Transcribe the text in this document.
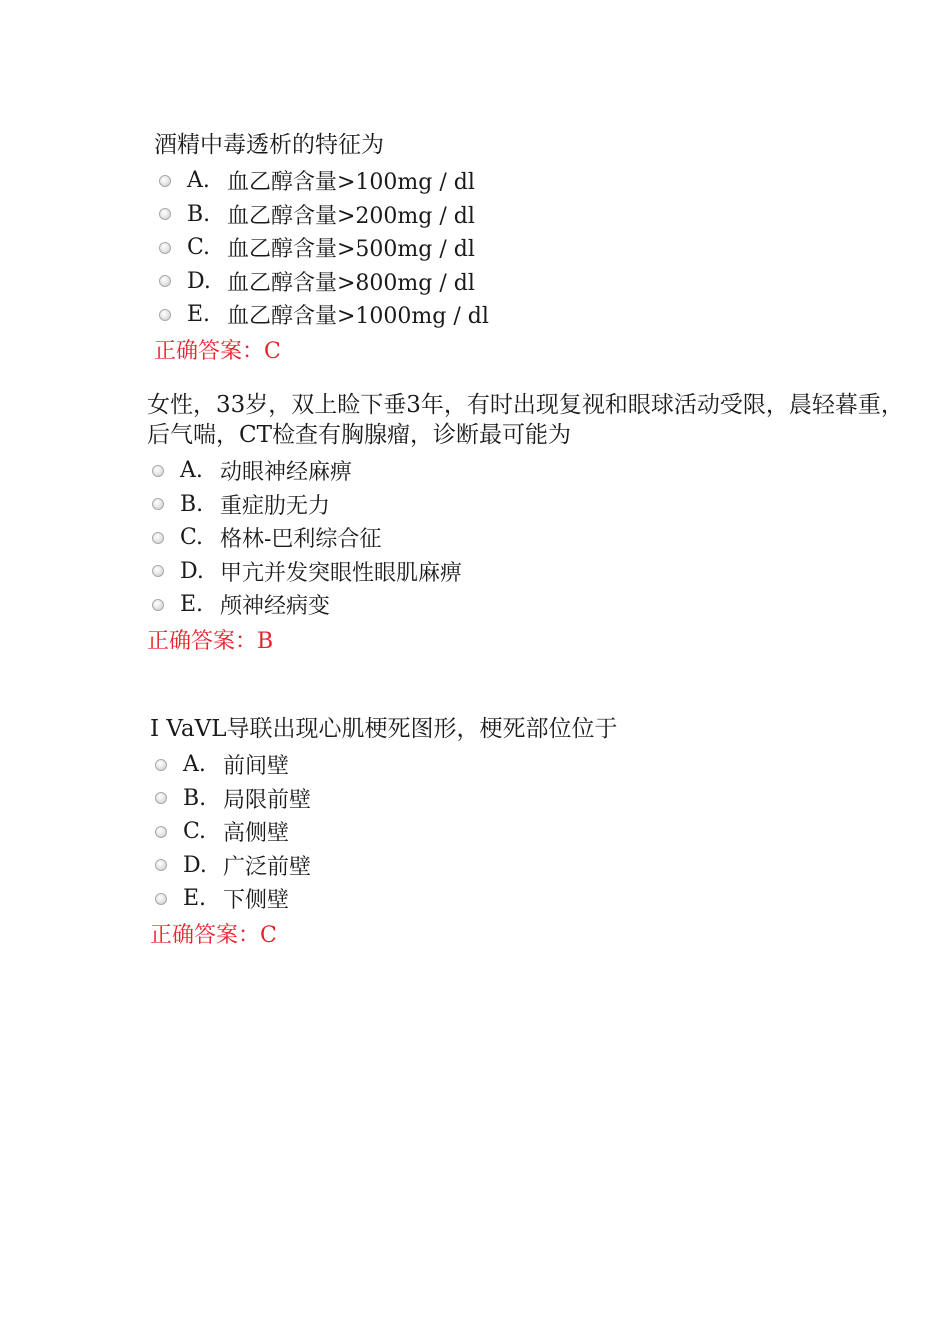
酒精中毒透析的特征为
A. 血乙醇含量>100mg / dl
B. 血乙醇含量>200mg / dl
C. 血乙醇含量>500mg / dl
D. 血乙醇含量>800mg / dl
E. 血乙醇含量>1000mg / dl
正确答案：C
女性，33岁，双上睑下垂3年，有时出现复视和眼球活动受限，晨轻暮重，
后气喘，CT检查有胸腺瘤，诊断最可能为
A. 动眼神经麻痹
B. 重症肋无力
C. 格林-巴利综合征
D. 甲亢并发突眼性眼肌麻痹
E. 颅神经病变
正确答案：B
I VaVL导联出现心肌梗死图形，梗死部位位于
A. 前间壁
B. 局限前壁
C. 高侧壁
D. 广泛前壁
E. 下侧壁
正确答案：C
